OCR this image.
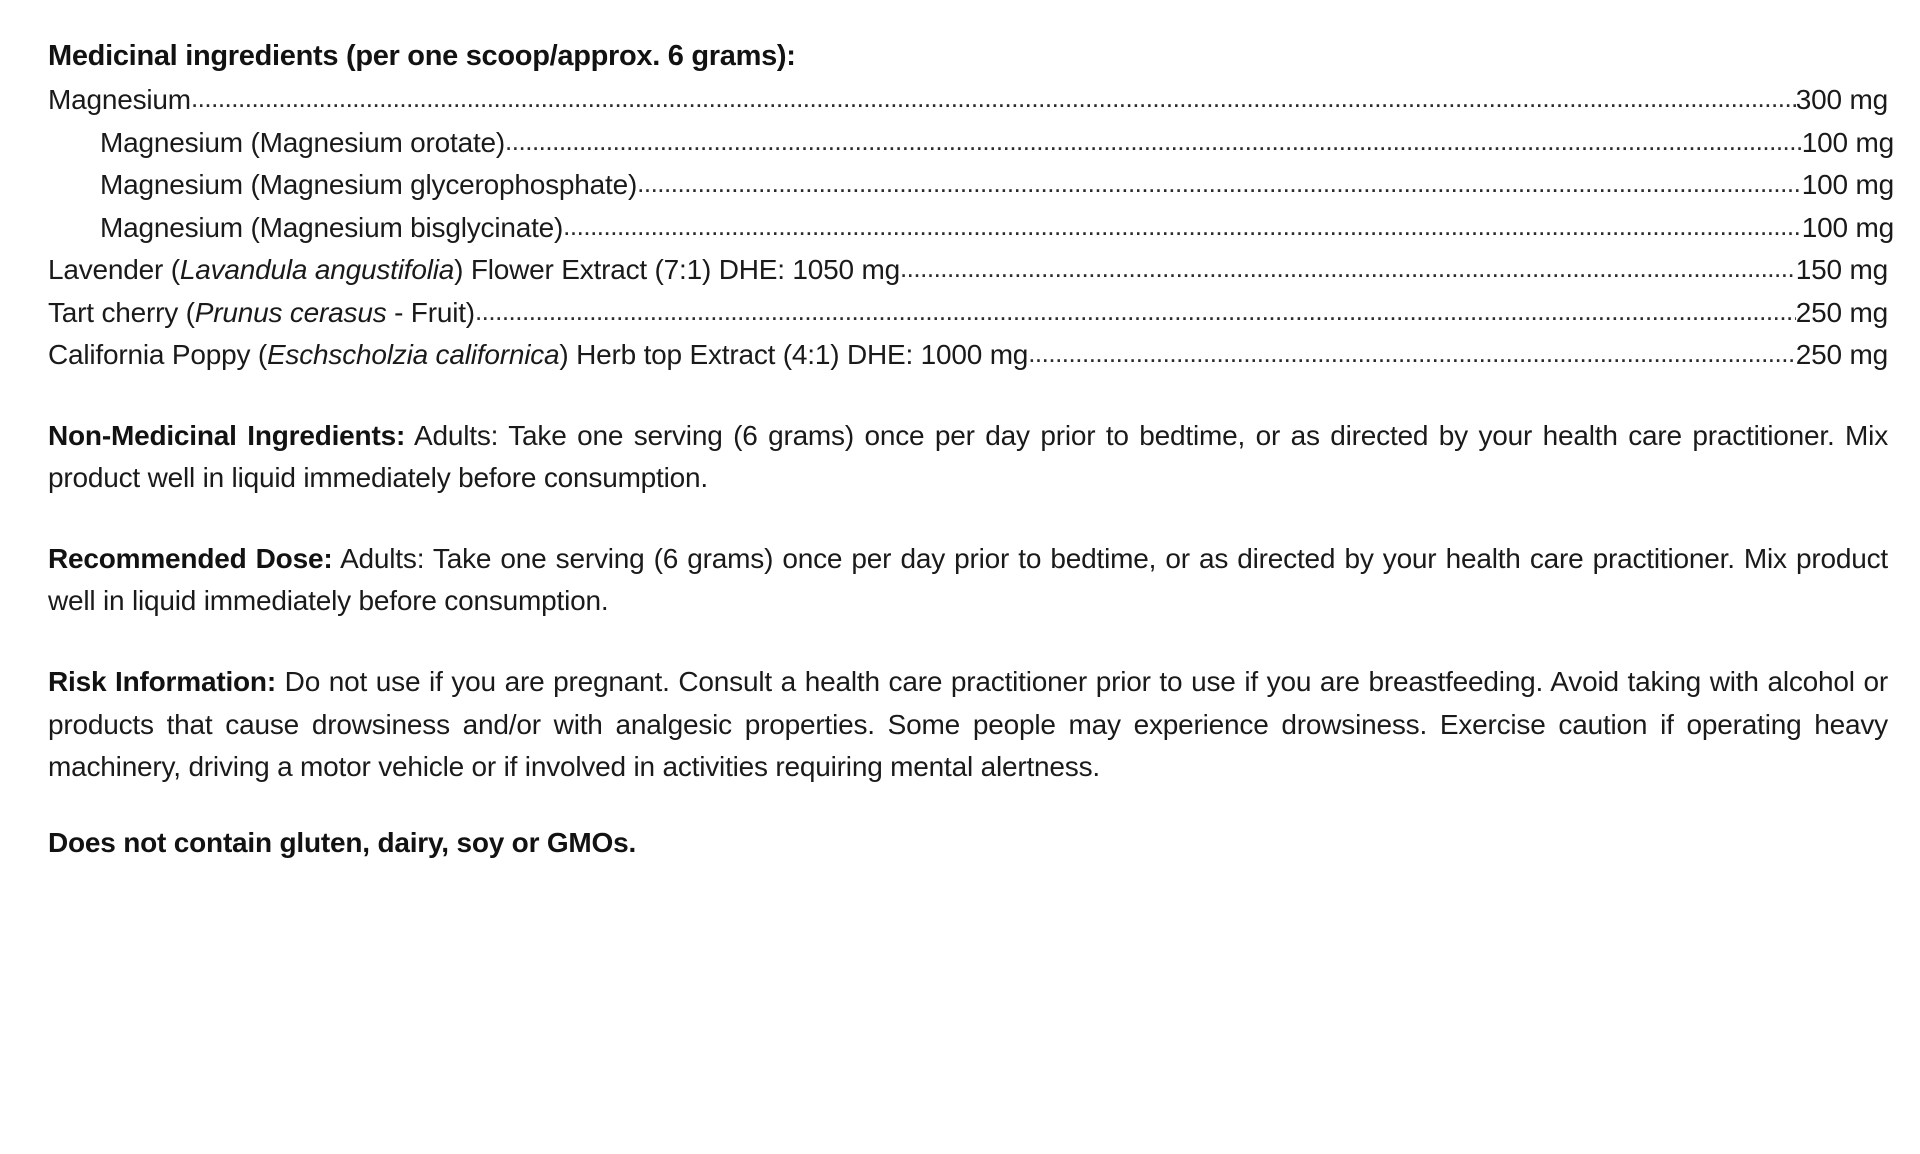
Medicinal ingredients (per one scoop/approx. 6 grams):
Magnesium .....	300 mg
Magnesium (Magnesium orotate) .....	100 mg
Magnesium (Magnesium glycerophosphate) .....	100 mg
Magnesium (Magnesium bisglycinate) .....	100 mg
Lavender (Lavandula angustifolia) Flower Extract (7:1) DHE: 1050 mg .....	150 mg
Tart cherry (Prunus cerasus - Fruit) .....	250 mg
California Poppy (Eschscholzia californica) Herb top Extract (4:1) DHE: 1000 mg .....	250 mg

Non-Medicinal Ingredients: Adults: Take one serving (6 grams) once per day prior to bedtime, or as directed by your health care practitioner. Mix product well in liquid immediately before consumption.

Recommended Dose: Adults: Take one serving (6 grams) once per day prior to bedtime, or as directed by your health care practitioner. Mix product well in liquid immediately before consumption.

Risk Information: Do not use if you are pregnant. Consult a health care practitioner prior to use if you are breastfeeding. Avoid taking with alcohol or products that cause drowsiness and/or with analgesic properties. Some people may experience drowsiness. Exercise caution if operating heavy machinery, driving a motor vehicle or if involved in activities requiring mental alertness.

Does not contain gluten, dairy, soy or GMOs.
